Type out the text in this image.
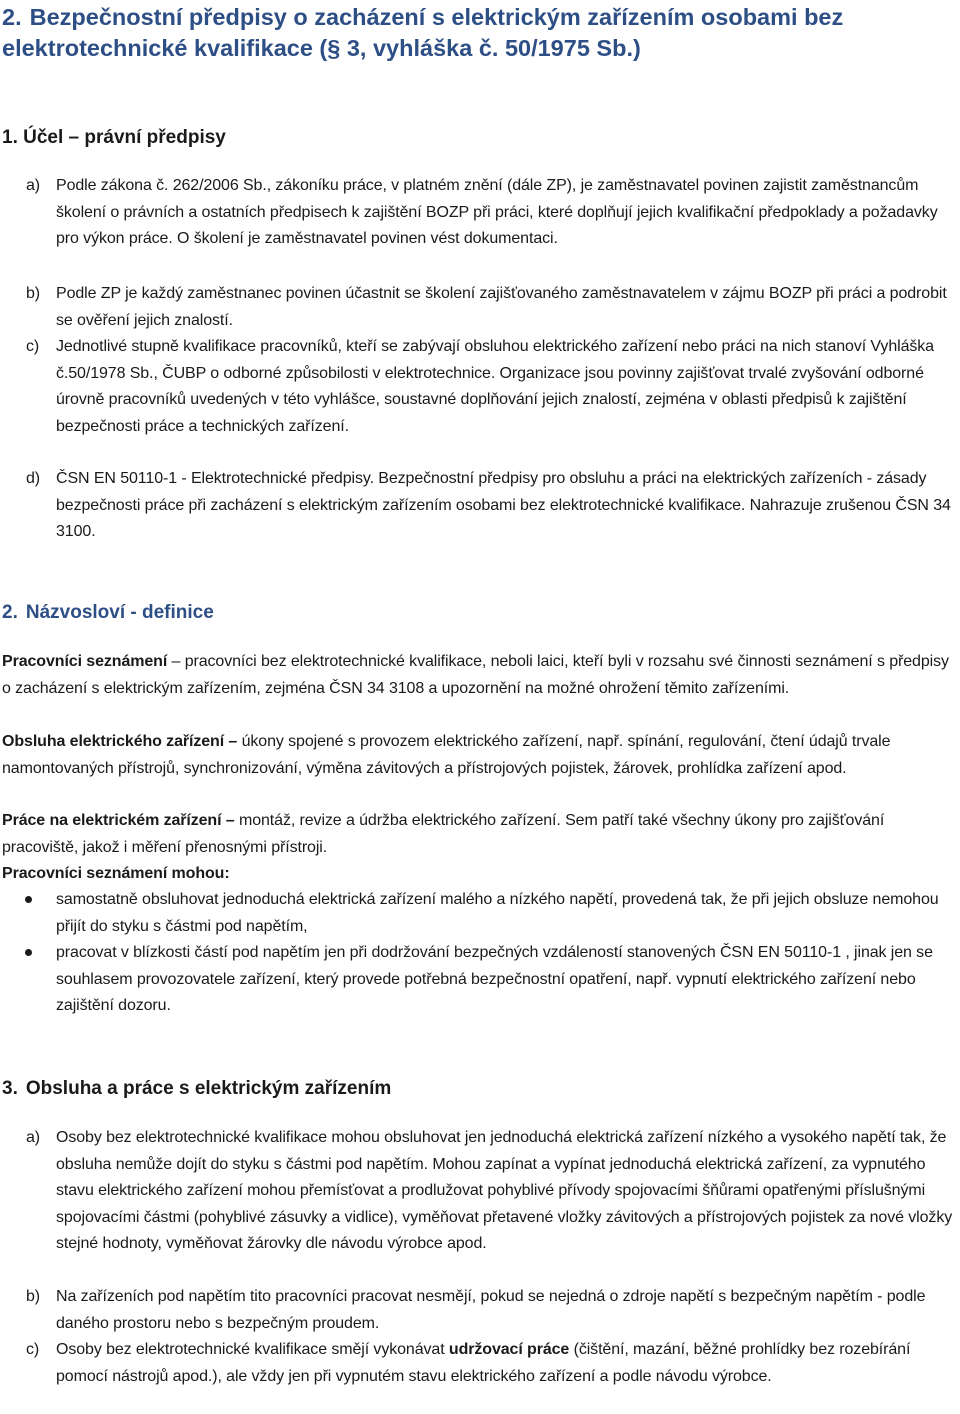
2. Bezpečnostní předpisy o zacházení s elektrickým zařízením osobami bez elektrotechnické kvalifikace (§ 3, vyhláška č. 50/1975 Sb.)
1. Účel – právní předpisy

a) Podle zákona č. 262/2006 Sb., zákoníku práce, v platném znění (dále ZP), je zaměstnavatel povinen zajistit zaměstnancům školení o právních a ostatních předpisech k zajištění BOZP při práci, které doplňují jejich kvalifikační předpoklady a požadavky pro výkon práce. O školení je zaměstnavatel povinen vést dokumentaci.

b) Podle ZP je každý zaměstnanec povinen účastnit se školení zajišťovaného zaměstnavatelem v zájmu BOZP při práci a podrobit se ověření jejich znalostí.

c) Jednotlivé stupně kvalifikace pracovníků, kteří se zabývají obsluhou elektrického zařízení nebo práci na nich stanoví Vyhláška č.50/1978 Sb., ČUBP o odborné způsobilosti v elektrotechnice. Organizace jsou povinny zajišťovat trvalé zvyšování odborné úrovně pracovníků uvedených v této vyhlášce, soustavné doplňování jejich znalostí, zejména v oblasti předpisů k zajištění bezpečnosti práce a technických zařízení.

d) ČSN EN 50110-1 - Elektrotechnické předpisy. Bezpečnostní předpisy pro obsluhu a práci na elektrických zařízeních - zásady bezpečnosti práce při zacházení s elektrickým zařízením osobami bez elektrotechnické kvalifikace. Nahrazuje zrušenou ČSN 34 3100.

2. Názvosloví - definice

Pracovníci seznámení – pracovníci bez elektrotechnické kvalifikace, neboli laici, kteří byli v rozsahu své činnosti seznámení s předpisy o zacházení s elektrickým zařízením, zejména ČSN 34 3108 a upozornění na možné ohrožení těmito zařízeními.

Obsluha elektrického zařízení – úkony spojené s provozem elektrického zařízení, např. spínání, regulování, čtení údajů trvale namontovaných přístrojů, synchronizování, výměna závitových a přístrojových pojistek, žárovek, prohlídka zařízení apod.

Práce na elektrickém zařízení – montáž, revize a údržba elektrického zařízení. Sem patří také všechny úkony pro zajišťování pracoviště, jakož i měření přenosnými přístroji.

Pracovníci seznámení mohou:

samostatně obsluhovat jednoduchá elektrická zařízení malého a nízkého napětí, provedená tak, že při jejich obsluze nemohou přijít do styku s částmi pod napětím,

pracovat v blízkosti částí pod napětím jen při dodržování bezpečných vzdáleností stanovených ČSN EN 50110-1 , jinak jen se souhlasem provozovatele zařízení, který provede potřebná bezpečnostní opatření, např. vypnutí elektrického zařízení nebo zajištění dozoru.

3. Obsluha a práce s elektrickým zařízením

a) Osoby bez elektrotechnické kvalifikace mohou obsluhovat jen jednoduchá elektrická zařízení nízkého a vysokého napětí tak, že obsluha nemůže dojít do styku s částmi pod napětím. Mohou zapínat a vypínat jednoduchá elektrická zařízení, za vypnutého stavu elektrického zařízení mohou přemísťovat a prodlužovat pohyblivé přívody spojovacími šňůrami opatřenými příslušnými spojovacími částmi (pohyblivé zásuvky a vidlice), vyměňovat přetavené vložky závitových a přístrojových pojistek za nové vložky stejné hodnoty, vyměňovat žárovky dle návodu výrobce apod.

b) Na zařízeních pod napětím tito pracovníci pracovat nesmějí, pokud se nejedná o zdroje napětí s bezpečným napětím - podle daného prostoru nebo s bezpečným proudem.

c) Osoby bez elektrotechnické kvalifikace smějí vykonávat udržovací práce (čištění, mazání, běžné prohlídky bez rozebírání pomocí nástrojů apod.), ale vždy jen při vypnutém stavu elektrického zařízení a podle návodu výrobce.
